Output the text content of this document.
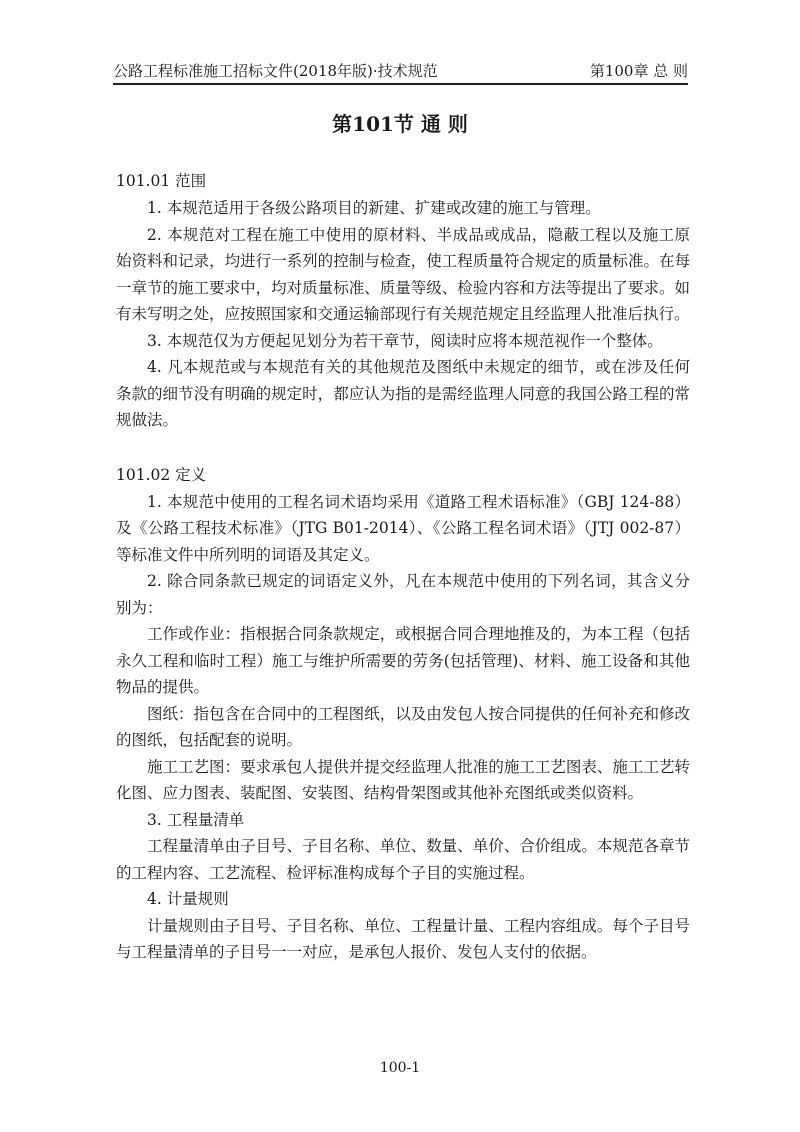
公路工程标准施工招标文件(2018年版)·技术规范	第100章 总 则
第101节 通 则
101.01 范围

1. 本规范适用于各级公路项目的新建、扩建或改建的施工与管理。

2. 本规范对工程在施工中使用的原材料、半成品或成品，隐蔽工程以及施工原始资料和记录，均进行一系列的控制与检查，使工程质量符合规定的质量标准。在每一章节的施工要求中，均对质量标准、质量等级、检验内容和方法等提出了要求。如有未写明之处，应按照国家和交通运输部现行有关规范规定且经监理人批准后执行。

3. 本规范仅为方便起见划分为若干章节，阅读时应将本规范视作一个整体。

4. 凡本规范或与本规范有关的其他规范及图纸中未规定的细节，或在涉及任何条款的细节没有明确的规定时，都应认为指的是需经监理人同意的我国公路工程的常规做法。

101.02 定义

1. 本规范中使用的工程名词术语均采用《道路工程术语标准》（GBJ 124-88）及《公路工程技术标准》（JTG B01-2014）、《公路工程名词术语》（JTJ 002-87）等标准文件中所列明的词语及其定义。

2. 除合同条款已规定的词语定义外，凡在本规范中使用的下列名词，其含义分别为：

工作或作业：指根据合同条款规定，或根据合同合理地推及的，为本工程（包括永久工程和临时工程）施工与维护所需要的劳务(包括管理)、材料、施工设备和其他物品的提供。

图纸：指包含在合同中的工程图纸，以及由发包人按合同提供的任何补充和修改的图纸，包括配套的说明。

施工工艺图：要求承包人提供并提交经监理人批准的施工工艺图表、施工工艺转化图、应力图表、装配图、安装图、结构骨架图或其他补充图纸或类似资料。

3. 工程量清单

工程量清单由子目号、子目名称、单位、数量、单价、合价组成。本规范各章节的工程内容、工艺流程、检评标准构成每个子目的实施过程。

4. 计量规则

计量规则由子目号、子目名称、单位、工程量计量、工程内容组成。每个子目号与工程量清单的子目号一一对应，是承包人报价、发包人支付的依据。

100-1
